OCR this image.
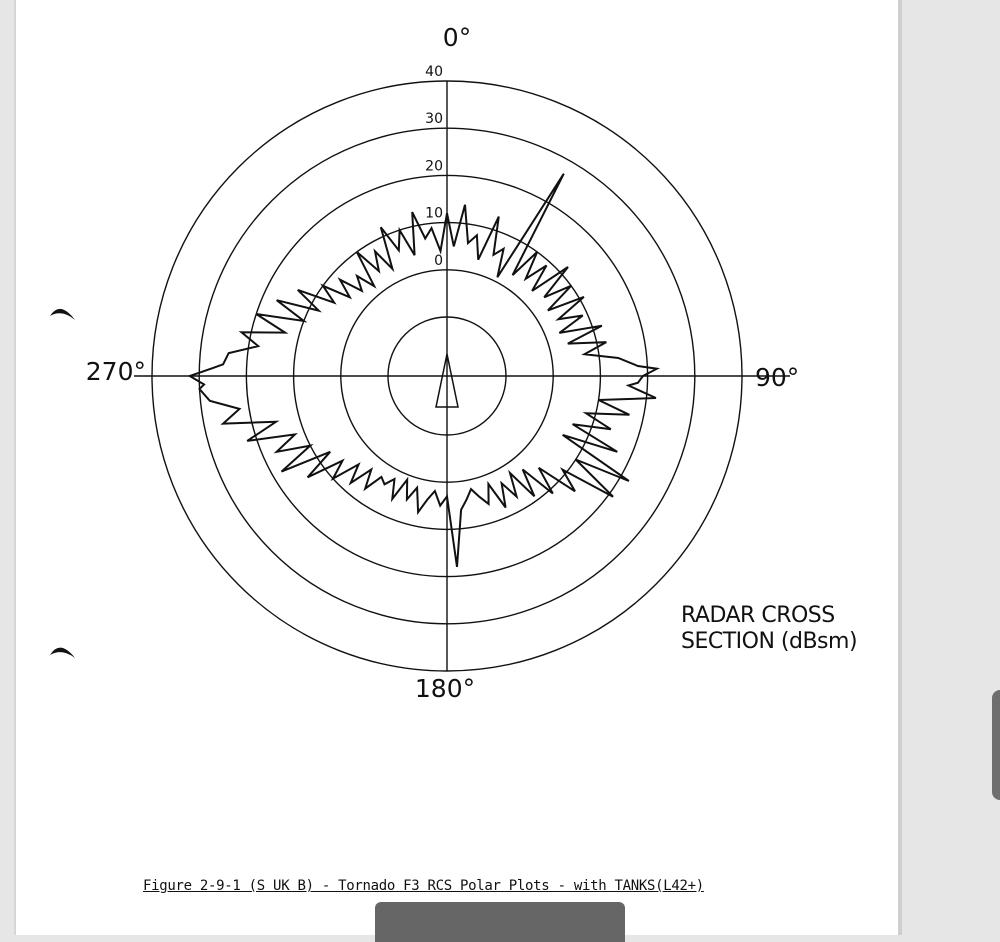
0
10
20
30
40
0°
90°
180°
270°
RADAR CROSS
SECTION (dBsm)
Figure 2-9-1 (S UK B) - Tornado F3 RCS Polar Plots - with TANKS(L42+)
